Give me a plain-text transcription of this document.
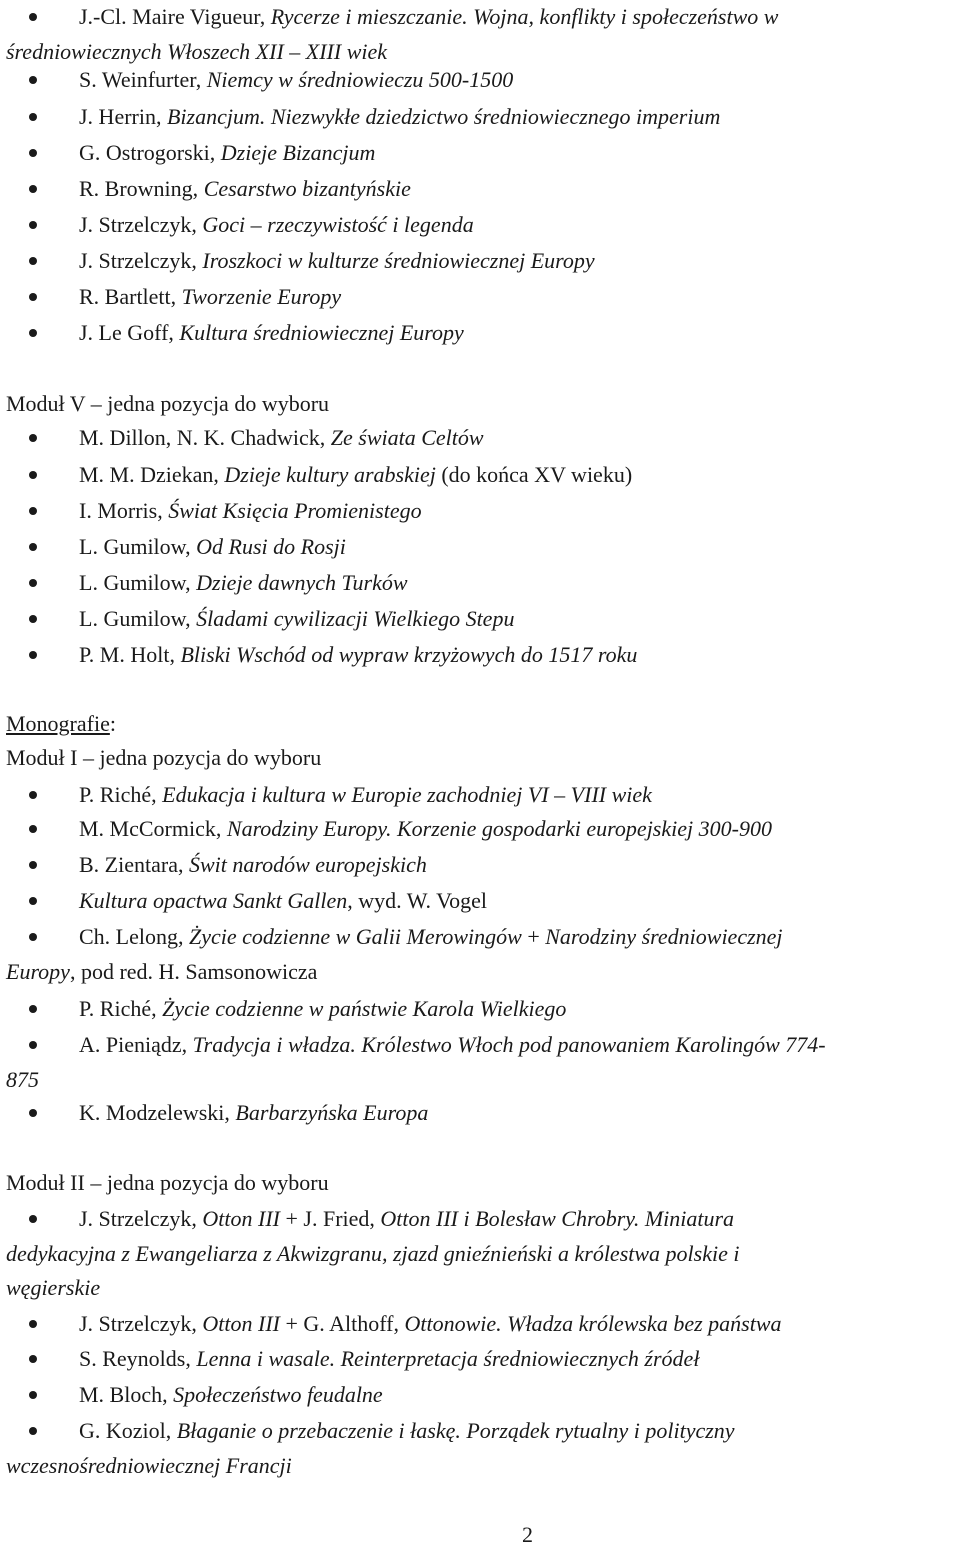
J.-Cl. Maire Vigueur, Rycerze i mieszczanie. Wojna, konflikty i społeczeństwo w
średniowiecznych Włoszech XII – XIII wiek
S. Weinfurter, Niemcy w średniowieczu 500-1500
J. Herrin, Bizancjum. Niezwykłe dziedzictwo średniowiecznego imperium
G. Ostrogorski, Dzieje Bizancjum
R. Browning, Cesarstwo bizantyńskie
J. Strzelczyk, Goci – rzeczywistość i legenda
J. Strzelczyk, Iroszkoci w kulturze średniowiecznej Europy
R. Bartlett, Tworzenie Europy
J. Le Goff, Kultura średniowiecznej Europy
Moduł V – jedna pozycja do wyboru
M. Dillon, N. K. Chadwick, Ze świata Celtów
M. M. Dziekan, Dzieje kultury arabskiej (do końca XV wieku)
I. Morris, Świat Księcia Promienistego
L. Gumilow, Od Rusi do Rosji
L. Gumilow, Dzieje dawnych Turków
L. Gumilow, Śladami cywilizacji Wielkiego Stepu
P. M. Holt, Bliski Wschód od wypraw krzyżowych do 1517 roku
Monografie:
Moduł I – jedna pozycja do wyboru
P. Riché, Edukacja i kultura w Europie zachodniej VI – VIII wiek
M. McCormick, Narodziny Europy. Korzenie gospodarki europejskiej 300-900
B. Zientara, Świt narodów europejskich
Kultura opactwa Sankt Gallen, wyd. W. Vogel
Ch. Lelong, Życie codzienne w Galii Merowingów + Narodziny średniowiecznej
Europy, pod red. H. Samsonowicza
P. Riché, Życie codzienne w państwie Karola Wielkiego
A. Pieniądz, Tradycja i władza. Królestwo Włoch pod panowaniem Karolingów 774-
875
K. Modzelewski, Barbarzyńska Europa
Moduł II – jedna pozycja do wyboru
J. Strzelczyk, Otton III + J. Fried, Otton III i Bolesław Chrobry. Miniatura
dedykacyjna z Ewangeliarza z Akwizgranu, zjazd gnieźnieński a królestwa polskie i
węgierskie
J. Strzelczyk, Otton III + G. Althoff, Ottonowie. Władza królewska bez państwa
S. Reynolds, Lenna i wasale. Reinterpretacja średniowiecznych źródeł
M. Bloch, Społeczeństwo feudalne
G. Koziol, Błaganie o przebaczenie i łaskę. Porządek rytualny i polityczny
wczesnośredniowiecznej Francji
2
